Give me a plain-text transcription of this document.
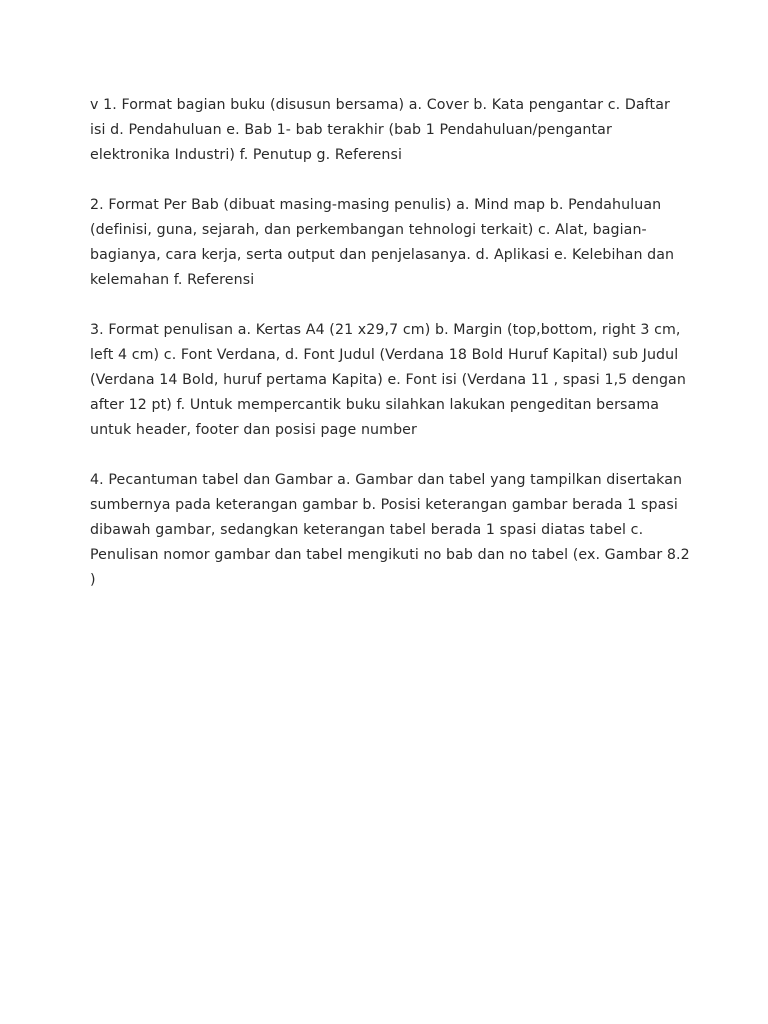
v 1. Format bagian buku (disusun bersama) a. Cover b. Kata pengantar c. Daftar isi d. Pendahuluan e. Bab 1- bab terakhir (bab 1 Pendahuluan/pengantar elektronika Industri) f. Penutup g. Referensi

2. Format Per Bab (dibuat masing-masing penulis) a. Mind map b. Pendahuluan (definisi, guna, sejarah, dan perkembangan tehnologi terkait) c. Alat, bagian-bagianya, cara kerja, serta output dan penjelasanya. d. Aplikasi e. Kelebihan dan kelemahan f. Referensi

3. Format penulisan a. Kertas A4 (21 x29,7 cm) b. Margin (top,bottom, right 3 cm, left 4 cm) c. Font Verdana, d. Font Judul (Verdana 18 Bold Huruf Kapital) sub Judul (Verdana 14 Bold, huruf pertama Kapita) e. Font isi (Verdana 11 , spasi 1,5 dengan after 12 pt) f. Untuk mempercantik buku silahkan lakukan pengeditan bersama untuk header, footer dan posisi page number

4. Pecantuman tabel dan Gambar a. Gambar dan tabel yang tampilkan disertakan sumbernya pada keterangan gambar b. Posisi keterangan gambar berada 1 spasi dibawah gambar, sedangkan keterangan tabel berada 1 spasi diatas tabel c. Penulisan nomor gambar dan tabel mengikuti no bab dan no tabel (ex. Gambar 8.2 )
